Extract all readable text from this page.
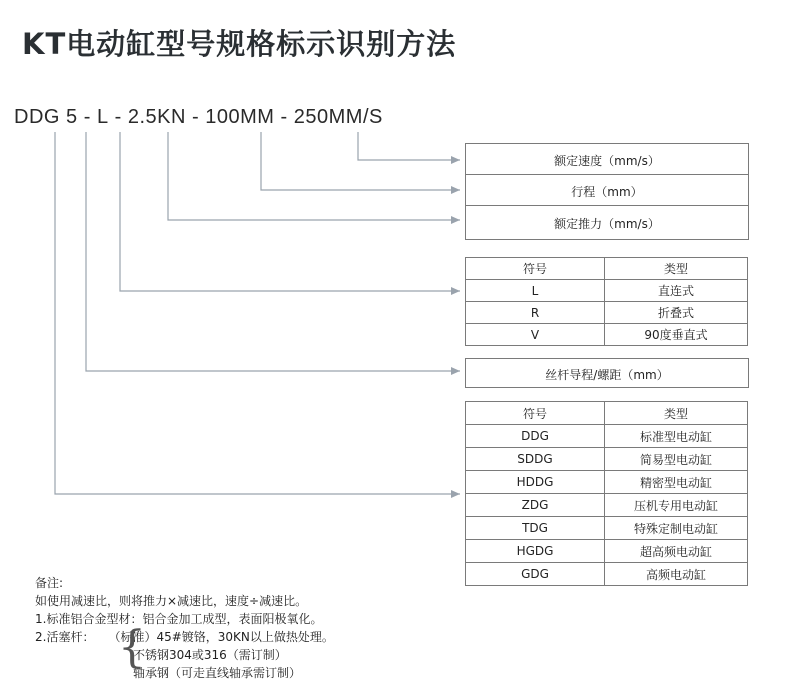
KT电动缸型号规格标示识别方法
DDG 5 - L - 2.5KN - 100MM - 250MM/S
额定速度（mm/s）
行程（mm）
额定推力（mm/s）
符号	类型
L	直连式
R	折叠式
V	90度垂直式
丝杆导程/螺距（mm）
符号	类型
DDG	标准型电动缸
SDDG	简易型电动缸
HDDG	精密型电动缸
ZDG	压机专用电动缸
TDG	特殊定制电动缸
HGDG	超高频电动缸
GDG	高频电动缸
备注:
如使用减速比，则将推力×减速比，速度÷减速比。
1.标准铝合金型材：铝合金加工成型，表面阳极氧化。
2.活塞杆： （标准）45#镀铬，30KN以上做热处理。
不锈钢304或316（需订制）
轴承钢（可走直线轴承需订制）
{
